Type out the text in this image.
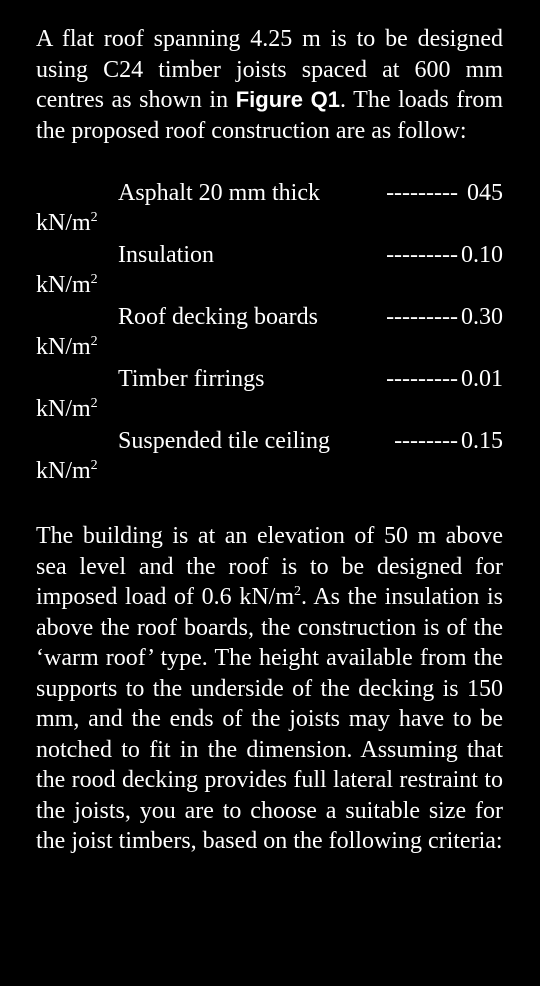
A flat roof spanning 4.25 m is to be designed using C24 timber joists spaced at 600 mm centres as shown in Figure Q1. The loads from the proposed roof construction are as follow:

Asphalt 20 mm thick	--------- 045
$kN/m^2$
Insulation	--------- 0.10
$kN/m^2$
Roof decking boards	--------- 0.30
$kN/m^2$
Timber firrings	--------- 0.01
$kN/m^2$
Suspended tile ceiling	-------- 0.15
$kN/m^2$

The building is at an elevation of 50 m above sea level and the roof is to be designed for imposed load of 0.6 $kN/m^2$. As the insulation is above the roof boards, the construction is of the ‘warm roof’ type. The height available from the supports to the underside of the decking is 150 mm, and the ends of the joists may have to be notched to fit in the dimension. Assuming that the rood decking provides full lateral restraint to the joists, you are to choose a suitable size for the joist timbers, based on the following criteria:
